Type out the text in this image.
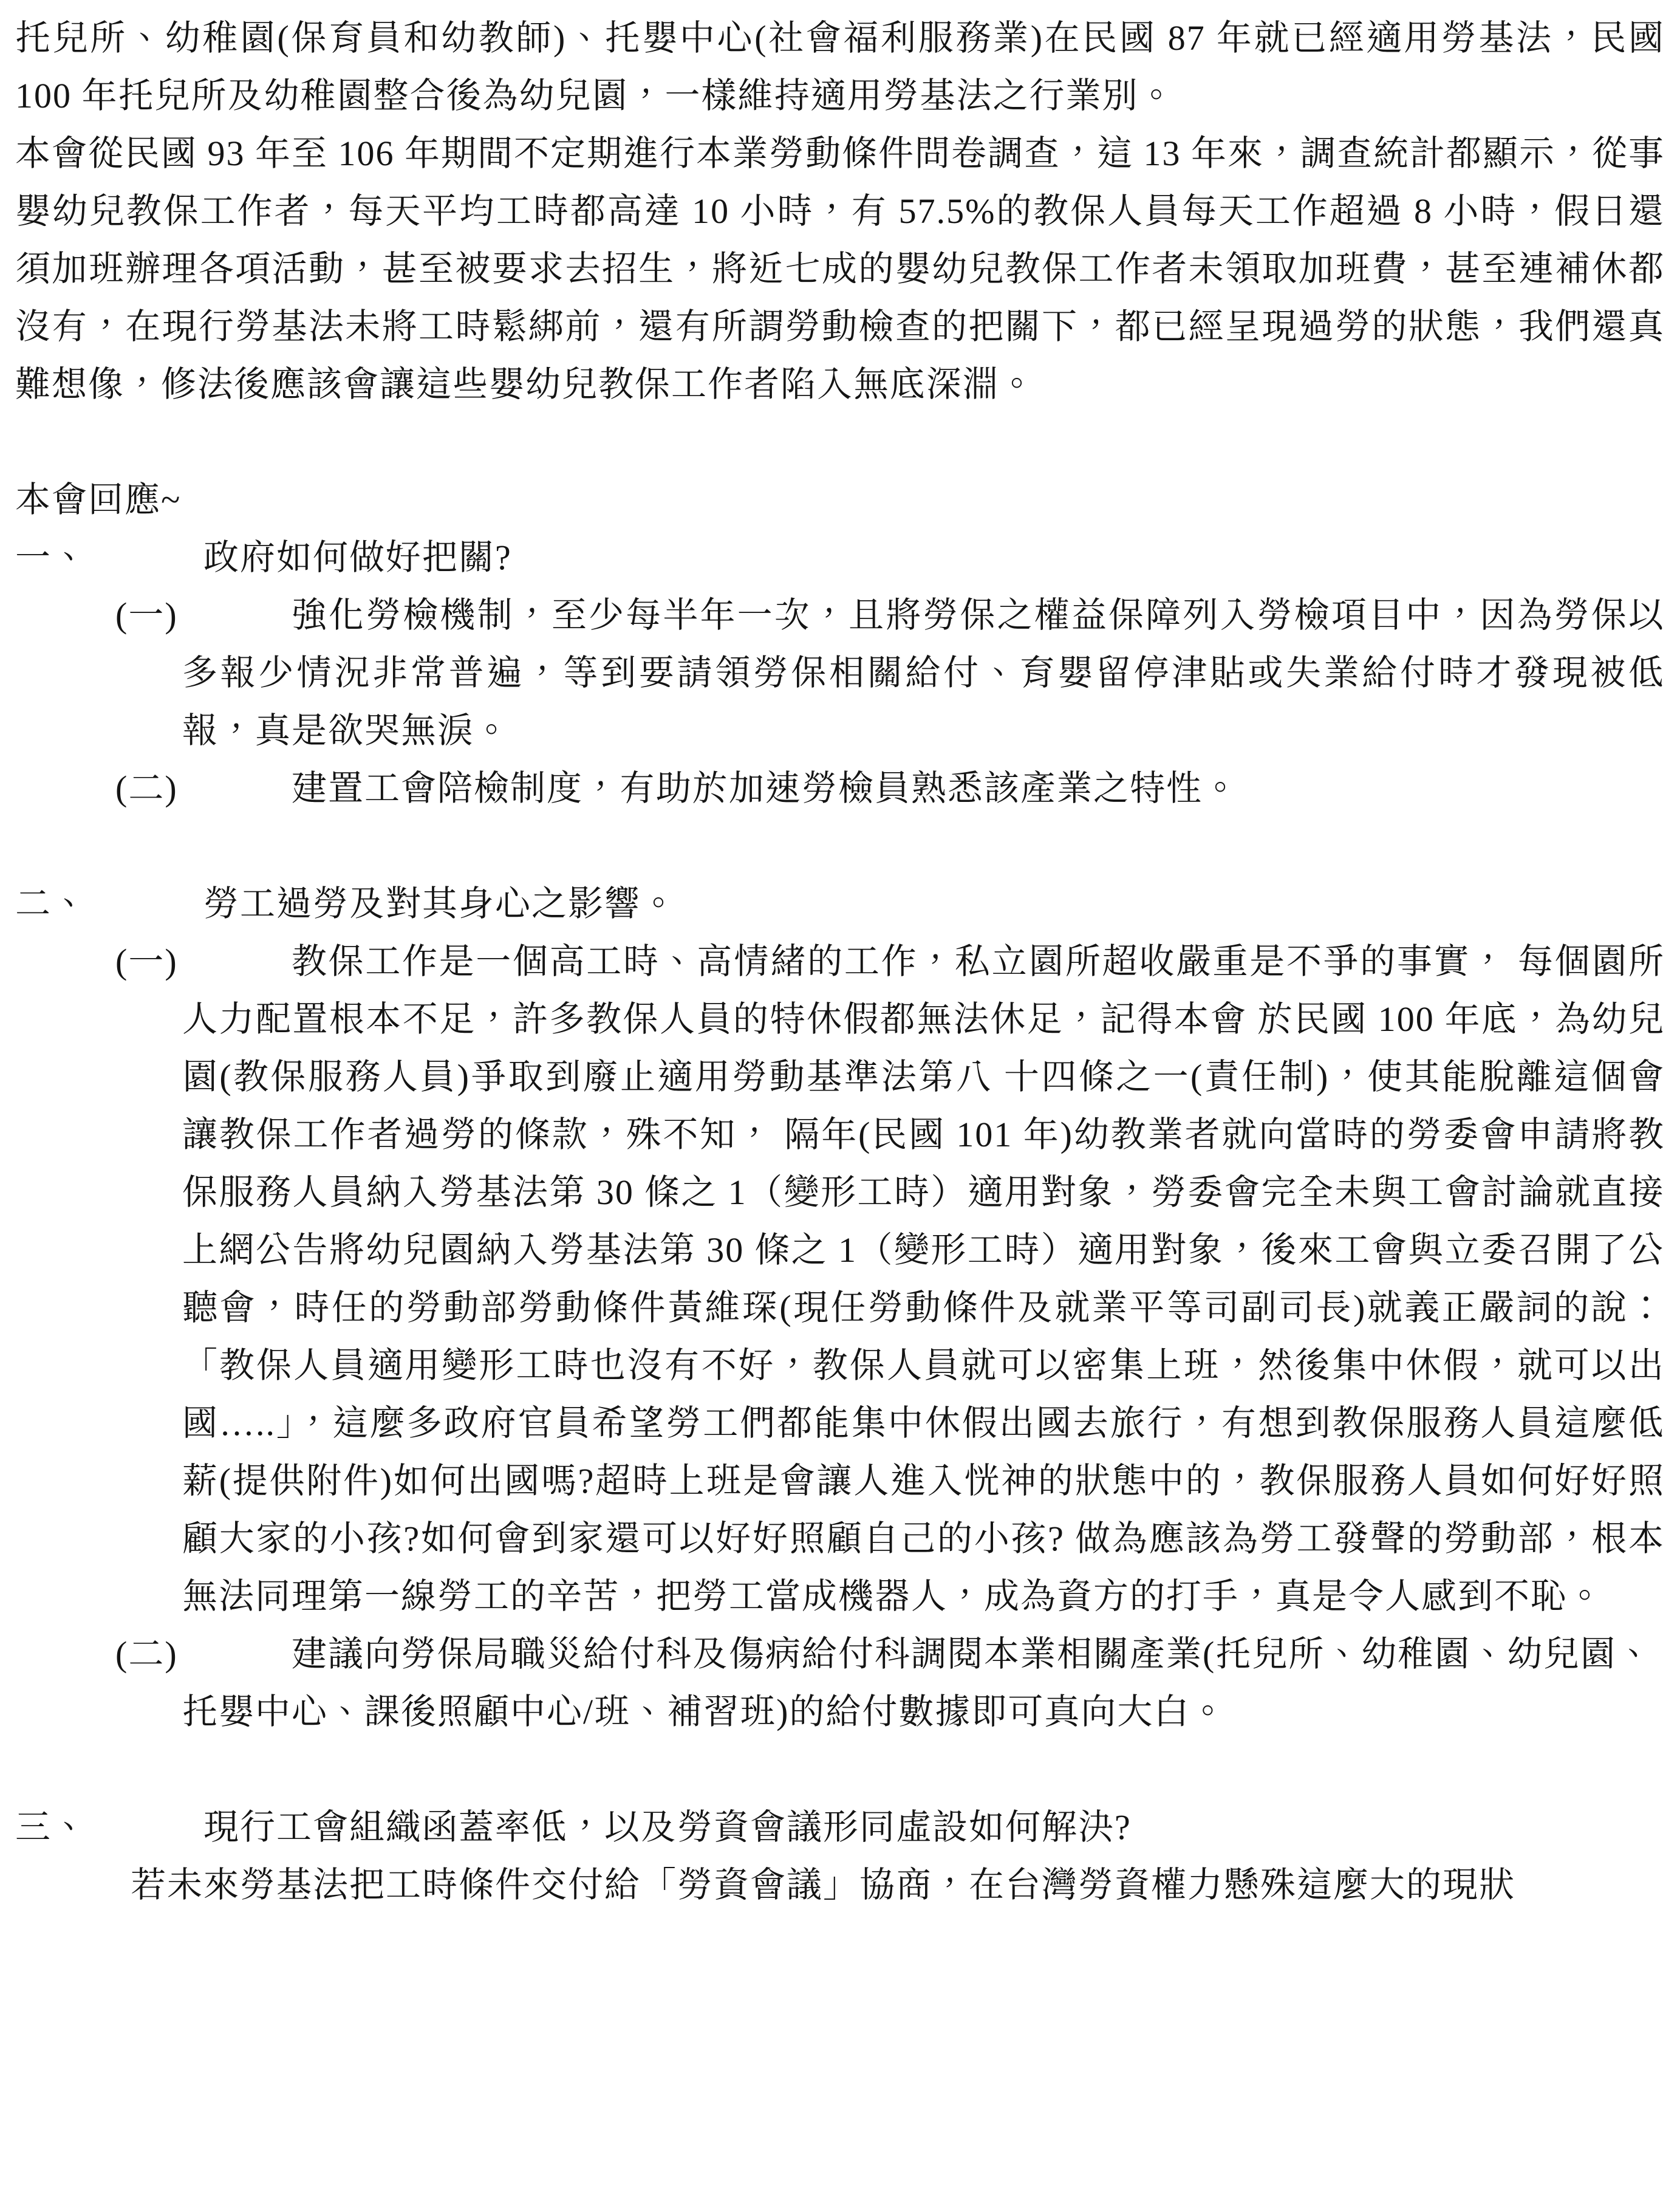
托兒所、幼稚園(保育員和幼教師)、托嬰中心(社會福利服務業)在民國 87 年就已經適用勞基法，民國 100 年托兒所及幼稚園整合後為幼兒園，一樣維持適用勞基法之行業別。

本會從民國 93 年至 106 年期間不定期進行本業勞動條件問卷調查，這 13 年來，調查統計都顯示，從事嬰幼兒教保工作者，每天平均工時都高達 10 小時，有 57.5%的教保人員每天工作超過 8 小時，假日還須加班辦理各項活動，甚至被要求去招生，將近七成的嬰幼兒教保工作者未領取加班費，甚至連補休都沒有，在現行勞基法未將工時鬆綁前，還有所謂勞動檢查的把關下，都已經呈現過勞的狀態，我們還真難想像，修法後應該會讓這些嬰幼兒教保工作者陷入無底深淵。

本會回應~

一、	政府如何做好把關?
(一)	強化勞檢機制，至少每半年一次，且將勞保之權益保障列入勞檢項目中，因為勞保以多報少情況非常普遍，等到要請領勞保相關給付、育嬰留停津貼或失業給付時才發現被低報，真是欲哭無淚。
(二)	建置工會陪檢制度，有助於加速勞檢員熟悉該產業之特性。
二、	勞工過勞及對其身心之影響。
(一)	教保工作是一個高工時、高情緒的工作，私立園所超收嚴重是不爭的事實， 每個園所人力配置根本不足，許多教保人員的特休假都無法休足，記得本會 於民國 100 年底，為幼兒園(教保服務人員)爭取到廢止適用勞動基準法第八 十四條之一(責任制)，使其能脫離這個會讓教保工作者過勞的條款，殊不知， 隔年(民國 101 年)幼教業者就向當時的勞委會申請將教保服務人員納入勞基法第 30 條之 1（變形工時）適用對象，勞委會完全未與工會討論就直接上網公告將幼兒園納入勞基法第 30 條之 1（變形工時）適用對象，後來工會與立委召開了公聽會，時任的勞動部勞動條件黃維琛(現任勞動條件及就業平等司副司長)就義正嚴詞的說：「教保人員適用變形工時也沒有不好，教保人員就可以密集上班，然後集中休假，就可以出國…..」，這麼多政府官員希望勞工們都能集中休假出國去旅行，有想到教保服務人員這麼低薪(提供附件)如何出國嗎?超時上班是會讓人進入恍神的狀態中的，教保服務人員如何好好照顧大家的小孩?如何會到家還可以好好照顧自己的小孩? 做為應該為勞工發聲的勞動部，根本無法同理第一線勞工的辛苦，把勞工當成機器人，成為資方的打手，真是令人感到不恥。
(二)	建議向勞保局職災給付科及傷病給付科調閱本業相關產業(托兒所、幼稚園、幼兒園、
托嬰中心、課後照顧中心/班、補習班)的給付數據即可真向大白。
三、	現行工會組織函蓋率低，以及勞資會議形同虛設如何解決?
若未來勞基法把工時條件交付給「勞資會議」協商，在台灣勞資權力懸殊這麼大的現狀
